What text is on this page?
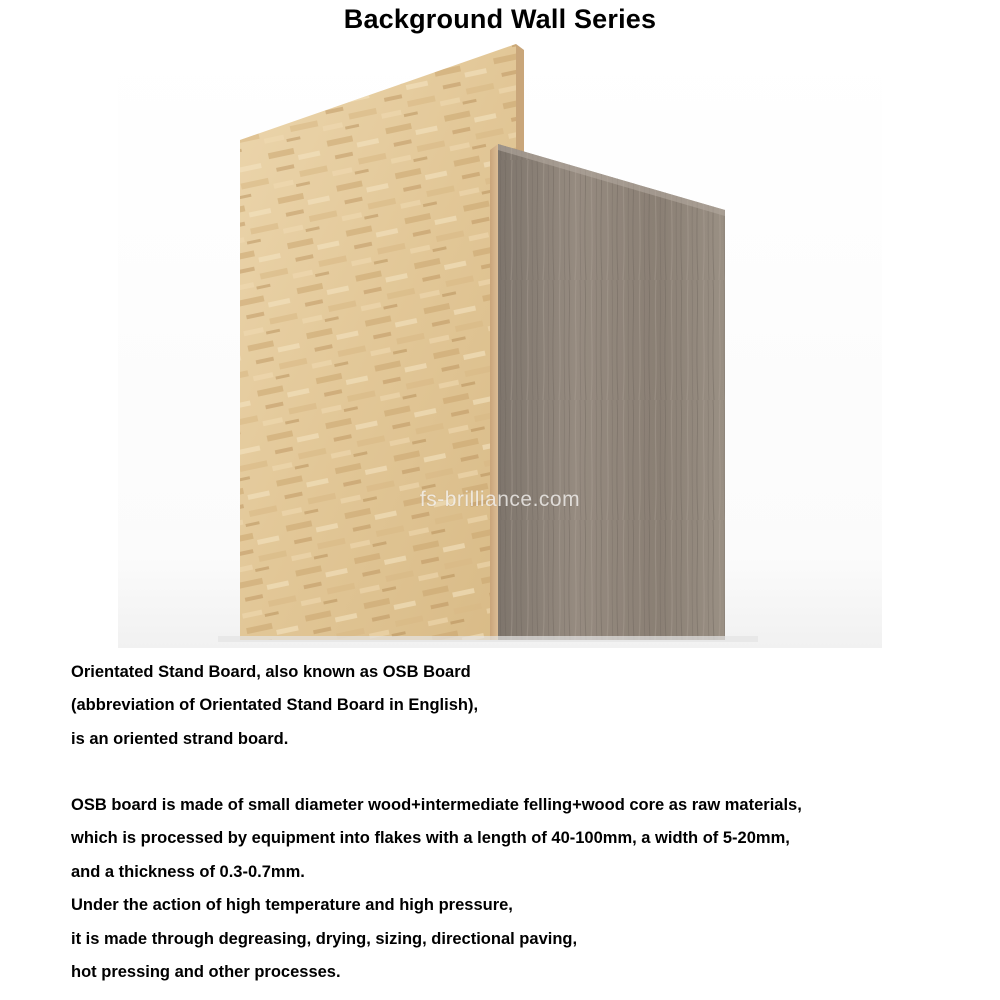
Background Wall Series
fs-brilliance.com
Orientated Stand Board, also known as OSB Board
(abbreviation of Orientated Stand Board in English),
is an oriented strand board.
OSB board is made of small diameter wood+intermediate felling+wood core as raw materials,
which is processed by equipment into flakes with a length of 40-100mm, a width of 5-20mm,
and a thickness of 0.3-0.7mm.
Under the action of high temperature and high pressure,
it is made through degreasing, drying, sizing, directional paving,
hot pressing and other processes.
